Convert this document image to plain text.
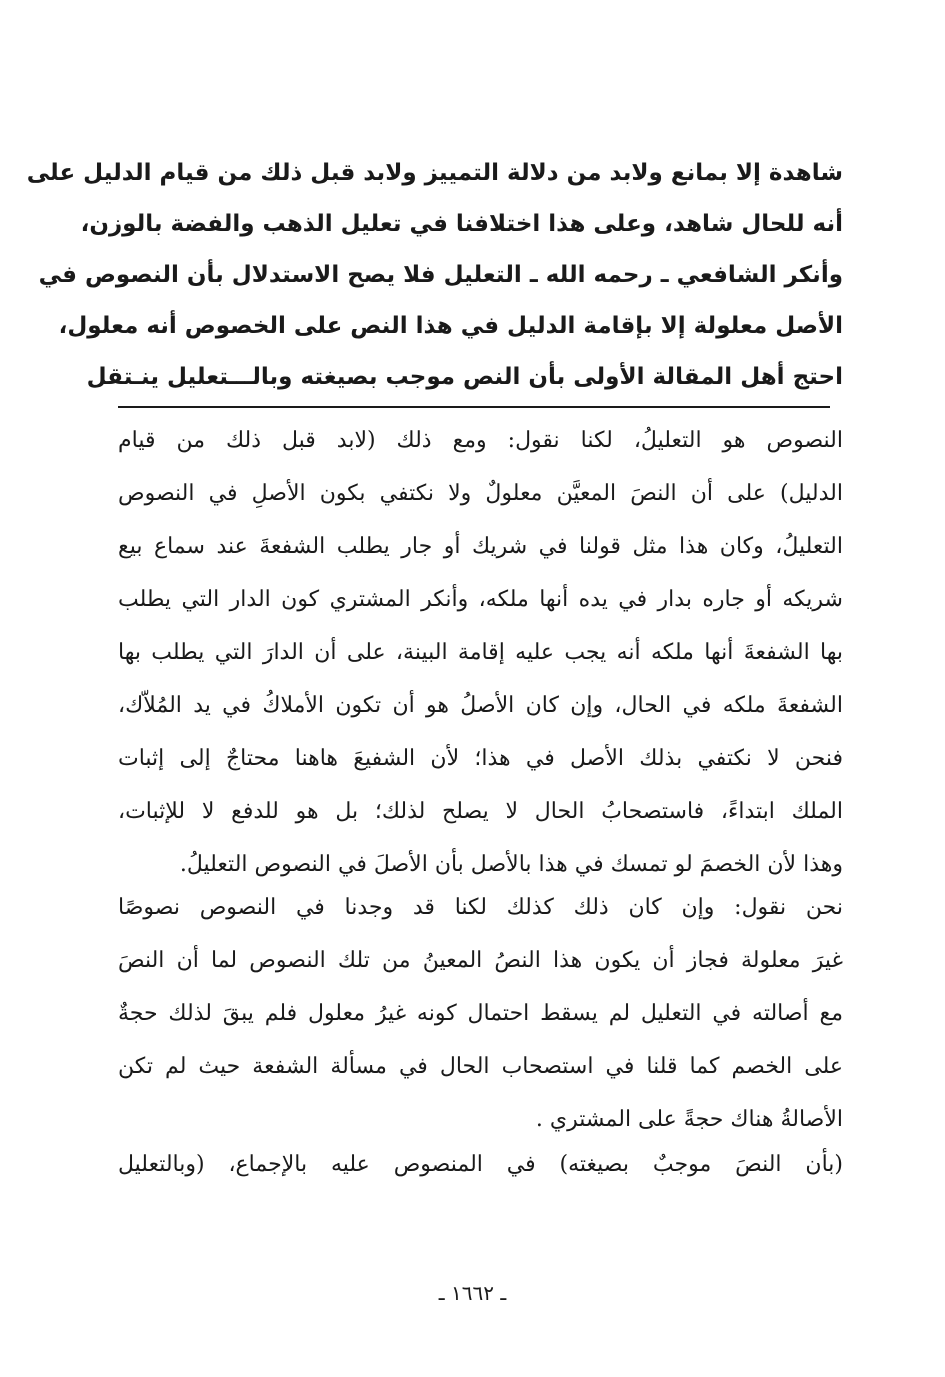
شاهدة إلا بمانع ولابد من دلالة التمييز ولابد قبل ذلك من قيام الدليل على
أنه للحال شاهد، وعلى هذا اختلافنا في تعليل الذهب والفضة بالوزن،
وأنكر الشافعي ـ رحمه الله ـ التعليل فلا يصح الاستدلال بأن النصوص في
الأصل معلولة إلا بإقامة الدليل في هذا النص على الخصوص أنه معلول،
احتج أهل المقالة الأولى بأن النص موجب بصيغته وبالـــتعليل ينـتقل
النصوص هو التعليلُ، لكنا نقول: ومع ذلك (لابد قبل ذلك من قيام
الدليل) على أن النصَ المعيَّن معلولٌ ولا نكتفي بكون الأصلِ في النصوص
التعليلُ، وكان هذا مثل قولنا في شريك أو جار يطلب الشفعةَ عند سماع بيع
شريكه أو جاره بدار في يده أنها ملكه، وأنكر المشتري كون الدار التي يطلب
بها الشفعةَ أنها ملكه أنه يجب عليه إقامة البينة، على أن الدارَ التي يطلب بها
الشفعةَ ملكه في الحال، وإن كان الأصلُ هو أن تكون الأملاكُ في يد المُلاّك،
فنحن لا نكتفي بذلك الأصل في هذا؛ لأن الشفيعَ هاهنا محتاجٌ إلى إثبات
الملك ابتداءً، فاستصحابُ الحال لا يصلح لذلك؛ بل هو للدفع لا للإثبات،
وهذا لأن الخصمَ لو تمسك في هذا بالأصل بأن الأصلَ في النصوص التعليلُ.
نحن نقول: وإن كان ذلك كذلك لكنا قد وجدنا في النصوص نصوصًا
غيرَ معلولة فجاز أن يكون هذا النصُ المعينُ من تلك النصوص لما أن النصَ
مع أصالته في التعليل لم يسقط احتمال كونه غيرُ معلول فلم يبقَ لذلك حجةٌ
على الخصم كما قلنا في استصحاب الحال في مسألة الشفعة حيث لم تكن
الأصالةُ هناك حجةً على المشتري .
(بأن النصَ موجبٌ بصيغته) في المنصوص عليه بالإجماع، (وبالتعليل
ـ ١٦٦٢ ـ
